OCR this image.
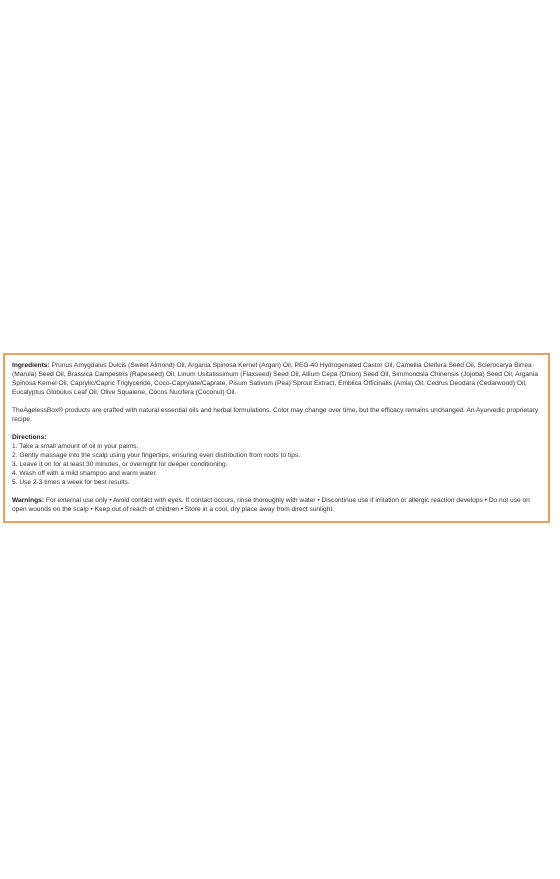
Ingredients: Prunus Amygdalus Dulcis (Sweet Almond) Oil, Argania Spinosa Kernel (Argan) Oil, PEG-40 Hydrogenated Castor Oil, Camellia Oleifera Seed Oil, Sclerocarya Birrea (Marula) Seed Oil, Brassica Campestris (Rapeseed) Oil, Linum Usitatissimum (Flaxseed) Seed Oil, Allium Cepa (Onion) Seed Oil, Simmondsia Chinensis (Jojoba) Seed Oil, Argania Spinosa Kernel Oil, Caprylic/Capric Triglyceride, Coco-Caprylate/Caprate, Pisum Sativum (Pea) Sprout Extract, Emblica Officinalis (Amla) Oil, Cedrus Deodara (Cedarwood) Oil, Eucalyptus Globulus Leaf Oil, Olive Squalene, Cocos Nucifera (Coconut) Oil.

TheAgelessBox® products are crafted with natural essential oils and herbal formulations. Color may change over time, but the efficacy remains unchanged. An Ayurvedic proprietary recipe.

Directions:
1. Take a small amount of oil in your palms.
2. Gently massage into the scalp using your fingertips, ensuring even distribution from roots to tips.
3. Leave it on for at least 30 minutes, or overnight for deeper conditioning.
4. Wash off with a mild shampoo and warm water.
5. Use 2-3 times a week for best results.

Warnings: For external use only • Avoid contact with eyes. If contact occurs, rinse thoroughly with water • Discontinue use if irritation or allergic reaction develops • Do not use on open wounds on the scalp • Keep out of reach of children • Store in a cool, dry place away from direct sunlight.
